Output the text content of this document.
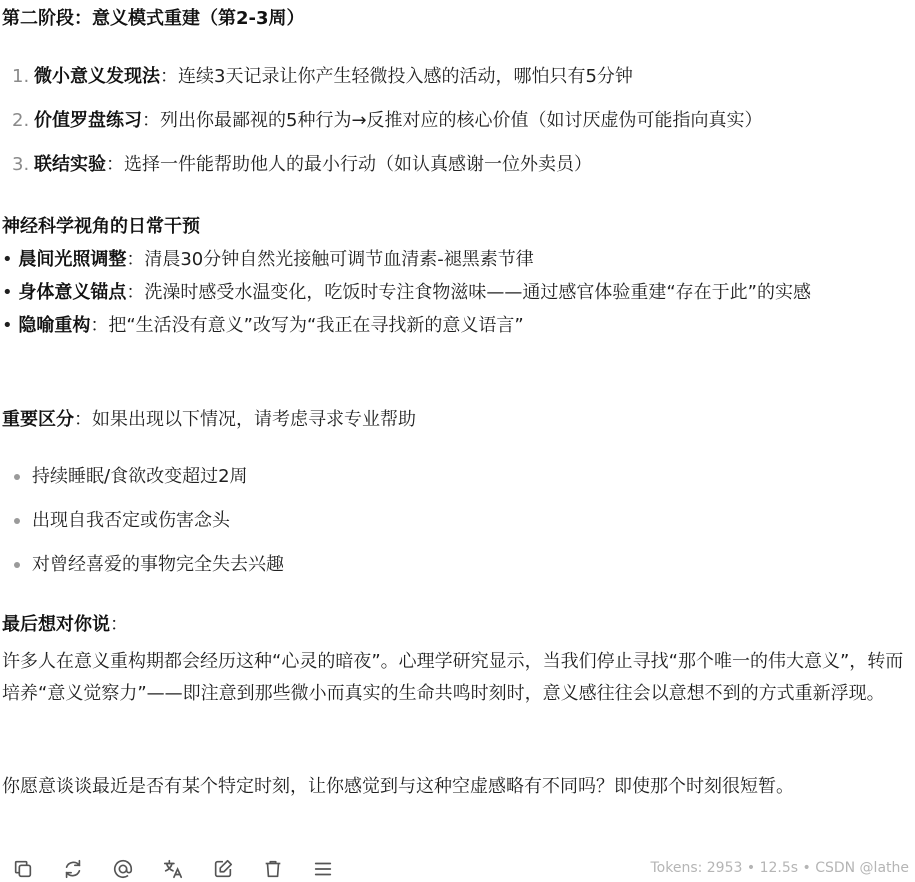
第二阶段：意义模式重建（第2-3周）
1. 微小意义发现法：连续3天记录让你产生轻微投入感的活动，哪怕只有5分钟
2. 价值罗盘练习：列出你最鄙视的5种行为→反推对应的核心价值（如讨厌虚伪可能指向真实）
3. 联结实验：选择一件能帮助他人的最小行动（如认真感谢一位外卖员）
神经科学视角的日常干预
• 晨间光照调整：清晨30分钟自然光接触可调节血清素-褪黑素节律
• 身体意义锚点：洗澡时感受水温变化，吃饭时专注食物滋味——通过感官体验重建“存在于此”的实感
• 隐喻重构：把“生活没有意义”改写为“我正在寻找新的意义语言”
重要区分：如果出现以下情况，请考虑寻求专业帮助
持续睡眠/食欲改变超过2周
出现自我否定或伤害念头
对曾经喜爱的事物完全失去兴趣
最后想对你说：
许多人在意义重构期都会经历这种“心灵的暗夜”。心理学研究显示，当我们停止寻找“那个唯一的伟大意义”，转而培养“意义觉察力”——即注意到那些微小而真实的生命共鸣时刻时，意义感往往会以意想不到的方式重新浮现。
你愿意谈谈最近是否有某个特定时刻，让你感觉到与这种空虚感略有不同吗？即使那个时刻很短暂。
Tokens: 2953 • 12.5s • CSDN @lathe
